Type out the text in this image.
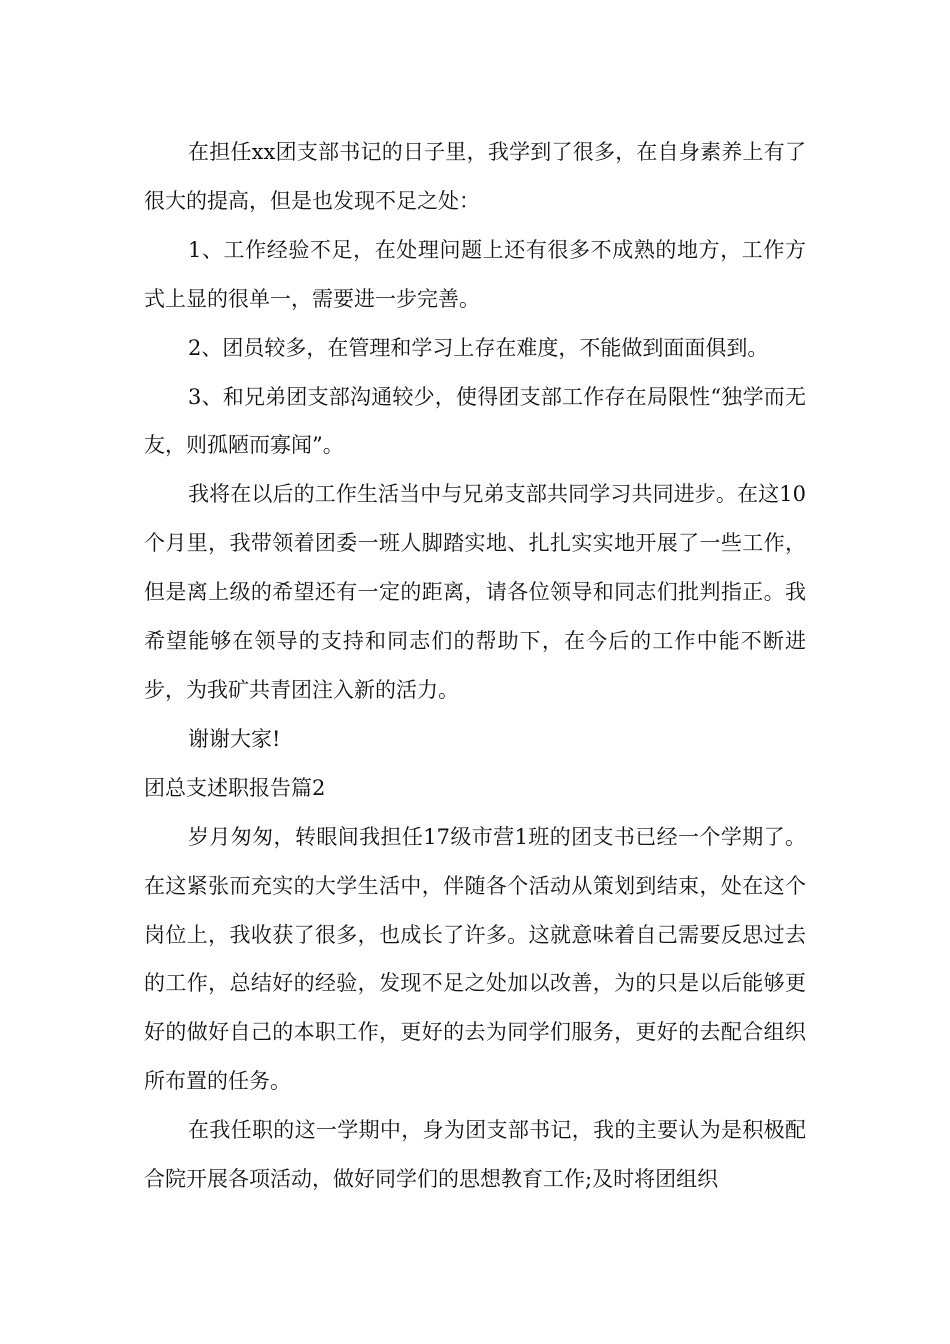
在担任xx团支部书记的日子里，我学到了很多，在自身素养上有了很大的提高，但是也发现不足之处：

1、工作经验不足，在处理问题上还有很多不成熟的地方，工作方式上显的很单一，需要进一步完善。

2、团员较多，在管理和学习上存在难度，不能做到面面俱到。

3、和兄弟团支部沟通较少，使得团支部工作存在局限性“独学而无友，则孤陋而寡闻”。

我将在以后的工作生活当中与兄弟支部共同学习共同进步。在这10个月里，我带领着团委一班人脚踏实地、扎扎实实地开展了一些工作，但是离上级的希望还有一定的距离，请各位领导和同志们批判指正。我希望能够在领导的支持和同志们的帮助下，在今后的工作中能不断进步，为我矿共青团注入新的活力。

谢谢大家!

团总支述职报告篇2

岁月匆匆，转眼间我担任17级市营1班的团支书已经一个学期了。在这紧张而充实的大学生活中，伴随各个活动从策划到结束，处在这个岗位上，我收获了很多，也成长了许多。这就意味着自己需要反思过去的工作，总结好的经验，发现不足之处加以改善，为的只是以后能够更好的做好自己的本职工作，更好的去为同学们服务，更好的去配合组织所布置的任务。

在我任职的这一学期中，身为团支部书记，我的主要认为是积极配合院开展各项活动，做好同学们的思想教育工作;及时将团组织
